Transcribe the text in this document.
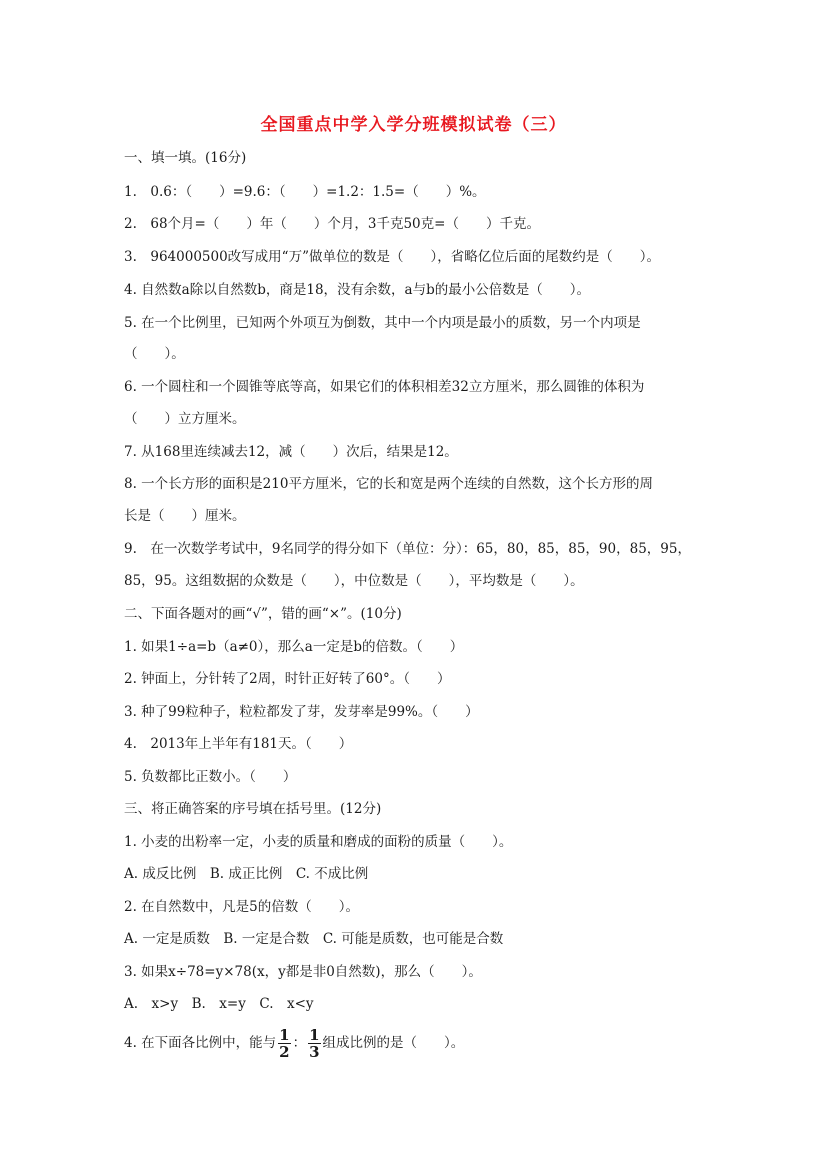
全国重点中学入学分班模拟试卷（三）
一、填一填。(16分)
1.　0.6：（　　）=9.6：（　　）=1.2：1.5=（　　）%。
2.　68个月=（　　）年（　　）个月，3千克50克=（　　）千克。
3.　964000500改写成用“万”做单位的数是（　　），省略亿位后面的尾数约是（　　）。
4. 自然数a除以自然数b，商是18，没有余数，a与b的最小公倍数是（　　）。
5. 在一个比例里，已知两个外项互为倒数，其中一个内项是最小的质数，另一个内项是
（　　）。
6. 一个圆柱和一个圆锥等底等高，如果它们的体积相差32立方厘米，那么圆锥的体积为
（　　）立方厘米。
7. 从168里连续减去12，减（　　）次后，结果是12。
8. 一个长方形的面积是210平方厘米，它的长和宽是两个连续的自然数，这个长方形的周
长是（　　）厘米。
9.　在一次数学考试中，9名同学的得分如下（单位：分）：65，80，85，85，90，85，95，
85，95。这组数据的众数是（　　），中位数是（　　），平均数是（　　）。
二、下面各题对的画“√”，错的画“×”。(10分)
1. 如果1÷a=b（a≠0），那么a一定是b的倍数。（　　）
2. 钟面上，分针转了2周，时针正好转了60°。（　　）
3. 种了99粒种子，粒粒都发了芽，发芽率是99%。（　　）
4.　2013年上半年有181天。（　　）
5. 负数都比正数小。（　　）
三、将正确答案的序号填在括号里。(12分)
1. 小麦的出粉率一定，小麦的质量和磨成的面粉的质量（　　）。
A. 成反比例　B. 成正比例　C. 不成比例
2. 在自然数中，凡是5的倍数（　　）。
A. 一定是质数　B. 一定是合数　C. 可能是质数，也可能是合数
3. 如果x÷78=y×78(x，y都是非0自然数)，那么（　　）。
A.　x>y　B.　x=y　C.　x<y
4. 在下面各比例中，能与 $\frac{1}{2}$ ： $\frac{1}{3}$ 组成比例的是（　　）。
